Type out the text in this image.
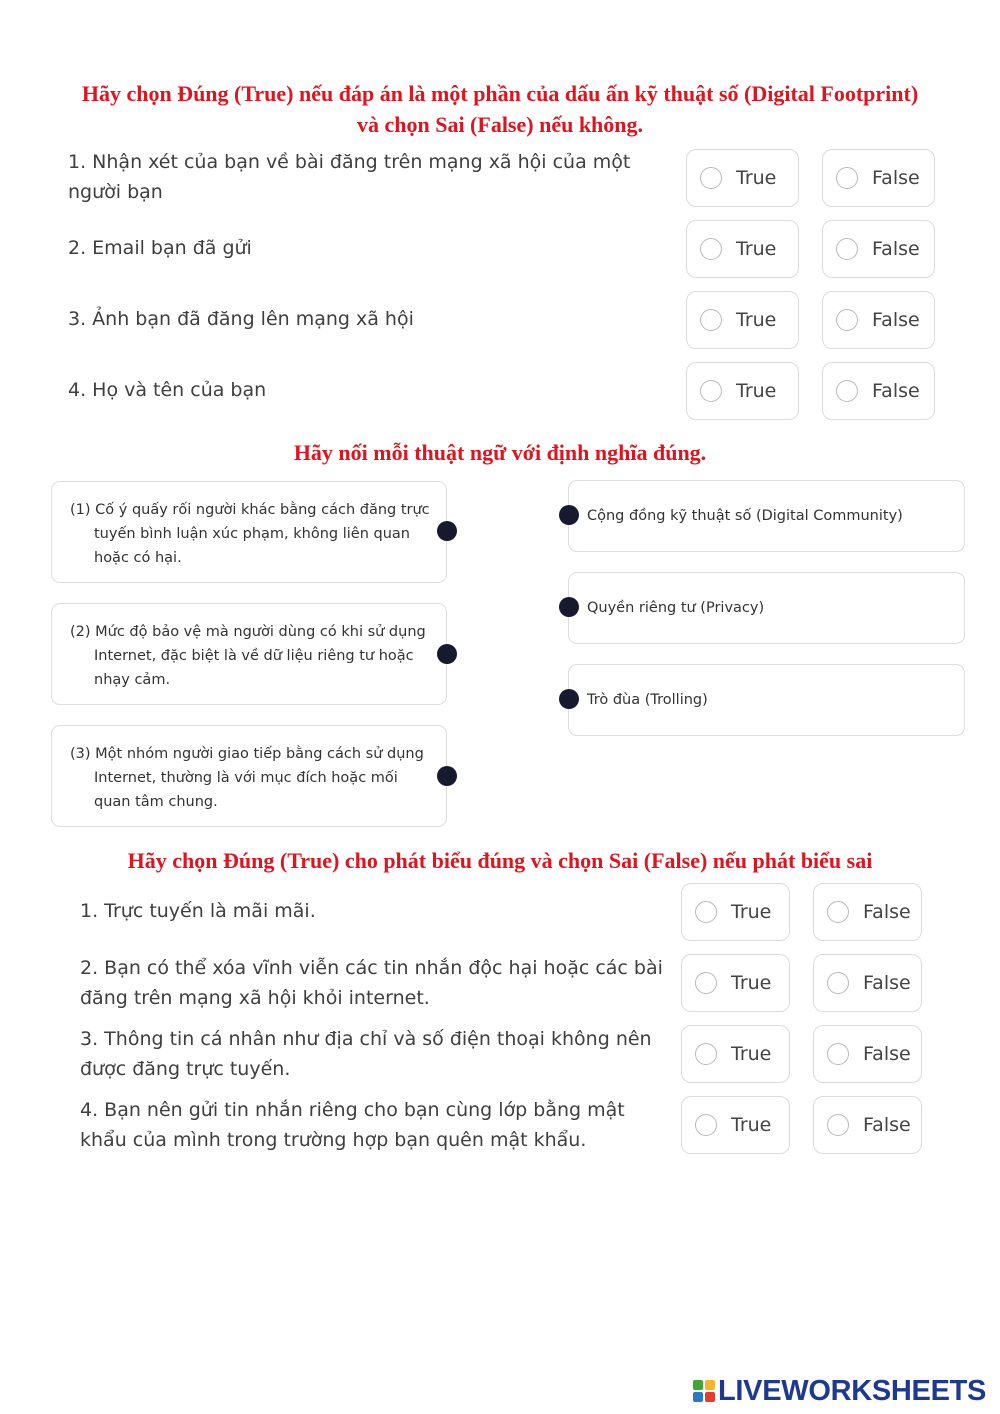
Hãy chọn Đúng (True) nếu đáp án là một phần của dấu ấn kỹ thuật số (Digital Footprint)
và chọn Sai (False) nếu không.
1. Nhận xét của bạn về bài đăng trên mạng xã hội của một người bạn
True	False
2. Email bạn đã gửi	True	False
3. Ảnh bạn đã đăng lên mạng xã hội	True	False
4. Họ và tên của bạn	True	False
Hãy nối mỗi thuật ngữ với định nghĩa đúng.
(1) Cố ý quấy rối người khác bằng cách đăng trực tuyến bình luận xúc phạm, không liên quan hoặc có hại.
(2) Mức độ bảo vệ mà người dùng có khi sử dụng Internet, đặc biệt là về dữ liệu riêng tư hoặc nhạy cảm.
(3) Một nhóm người giao tiếp bằng cách sử dụng Internet, thường là với mục đích hoặc mối quan tâm chung.
Cộng đồng kỹ thuật số (Digital Community)
Quyền riêng tư (Privacy)
Trò đùa (Trolling)
Hãy chọn Đúng (True) cho phát biểu đúng và chọn Sai (False) nếu phát biểu sai
1. Trực tuyến là mãi mãi.	True	False
2. Bạn có thể xóa vĩnh viễn các tin nhắn độc hại hoặc các bài đăng trên mạng xã hội khỏi internet.
True	False
3. Thông tin cá nhân như địa chỉ và số điện thoại không nên được đăng trực tuyến.
True	False
4. Bạn nên gửi tin nhắn riêng cho bạn cùng lớp bằng mật khẩu của mình trong trường hợp bạn quên mật khẩu.
True	False
LIVEWORKSHEETS
